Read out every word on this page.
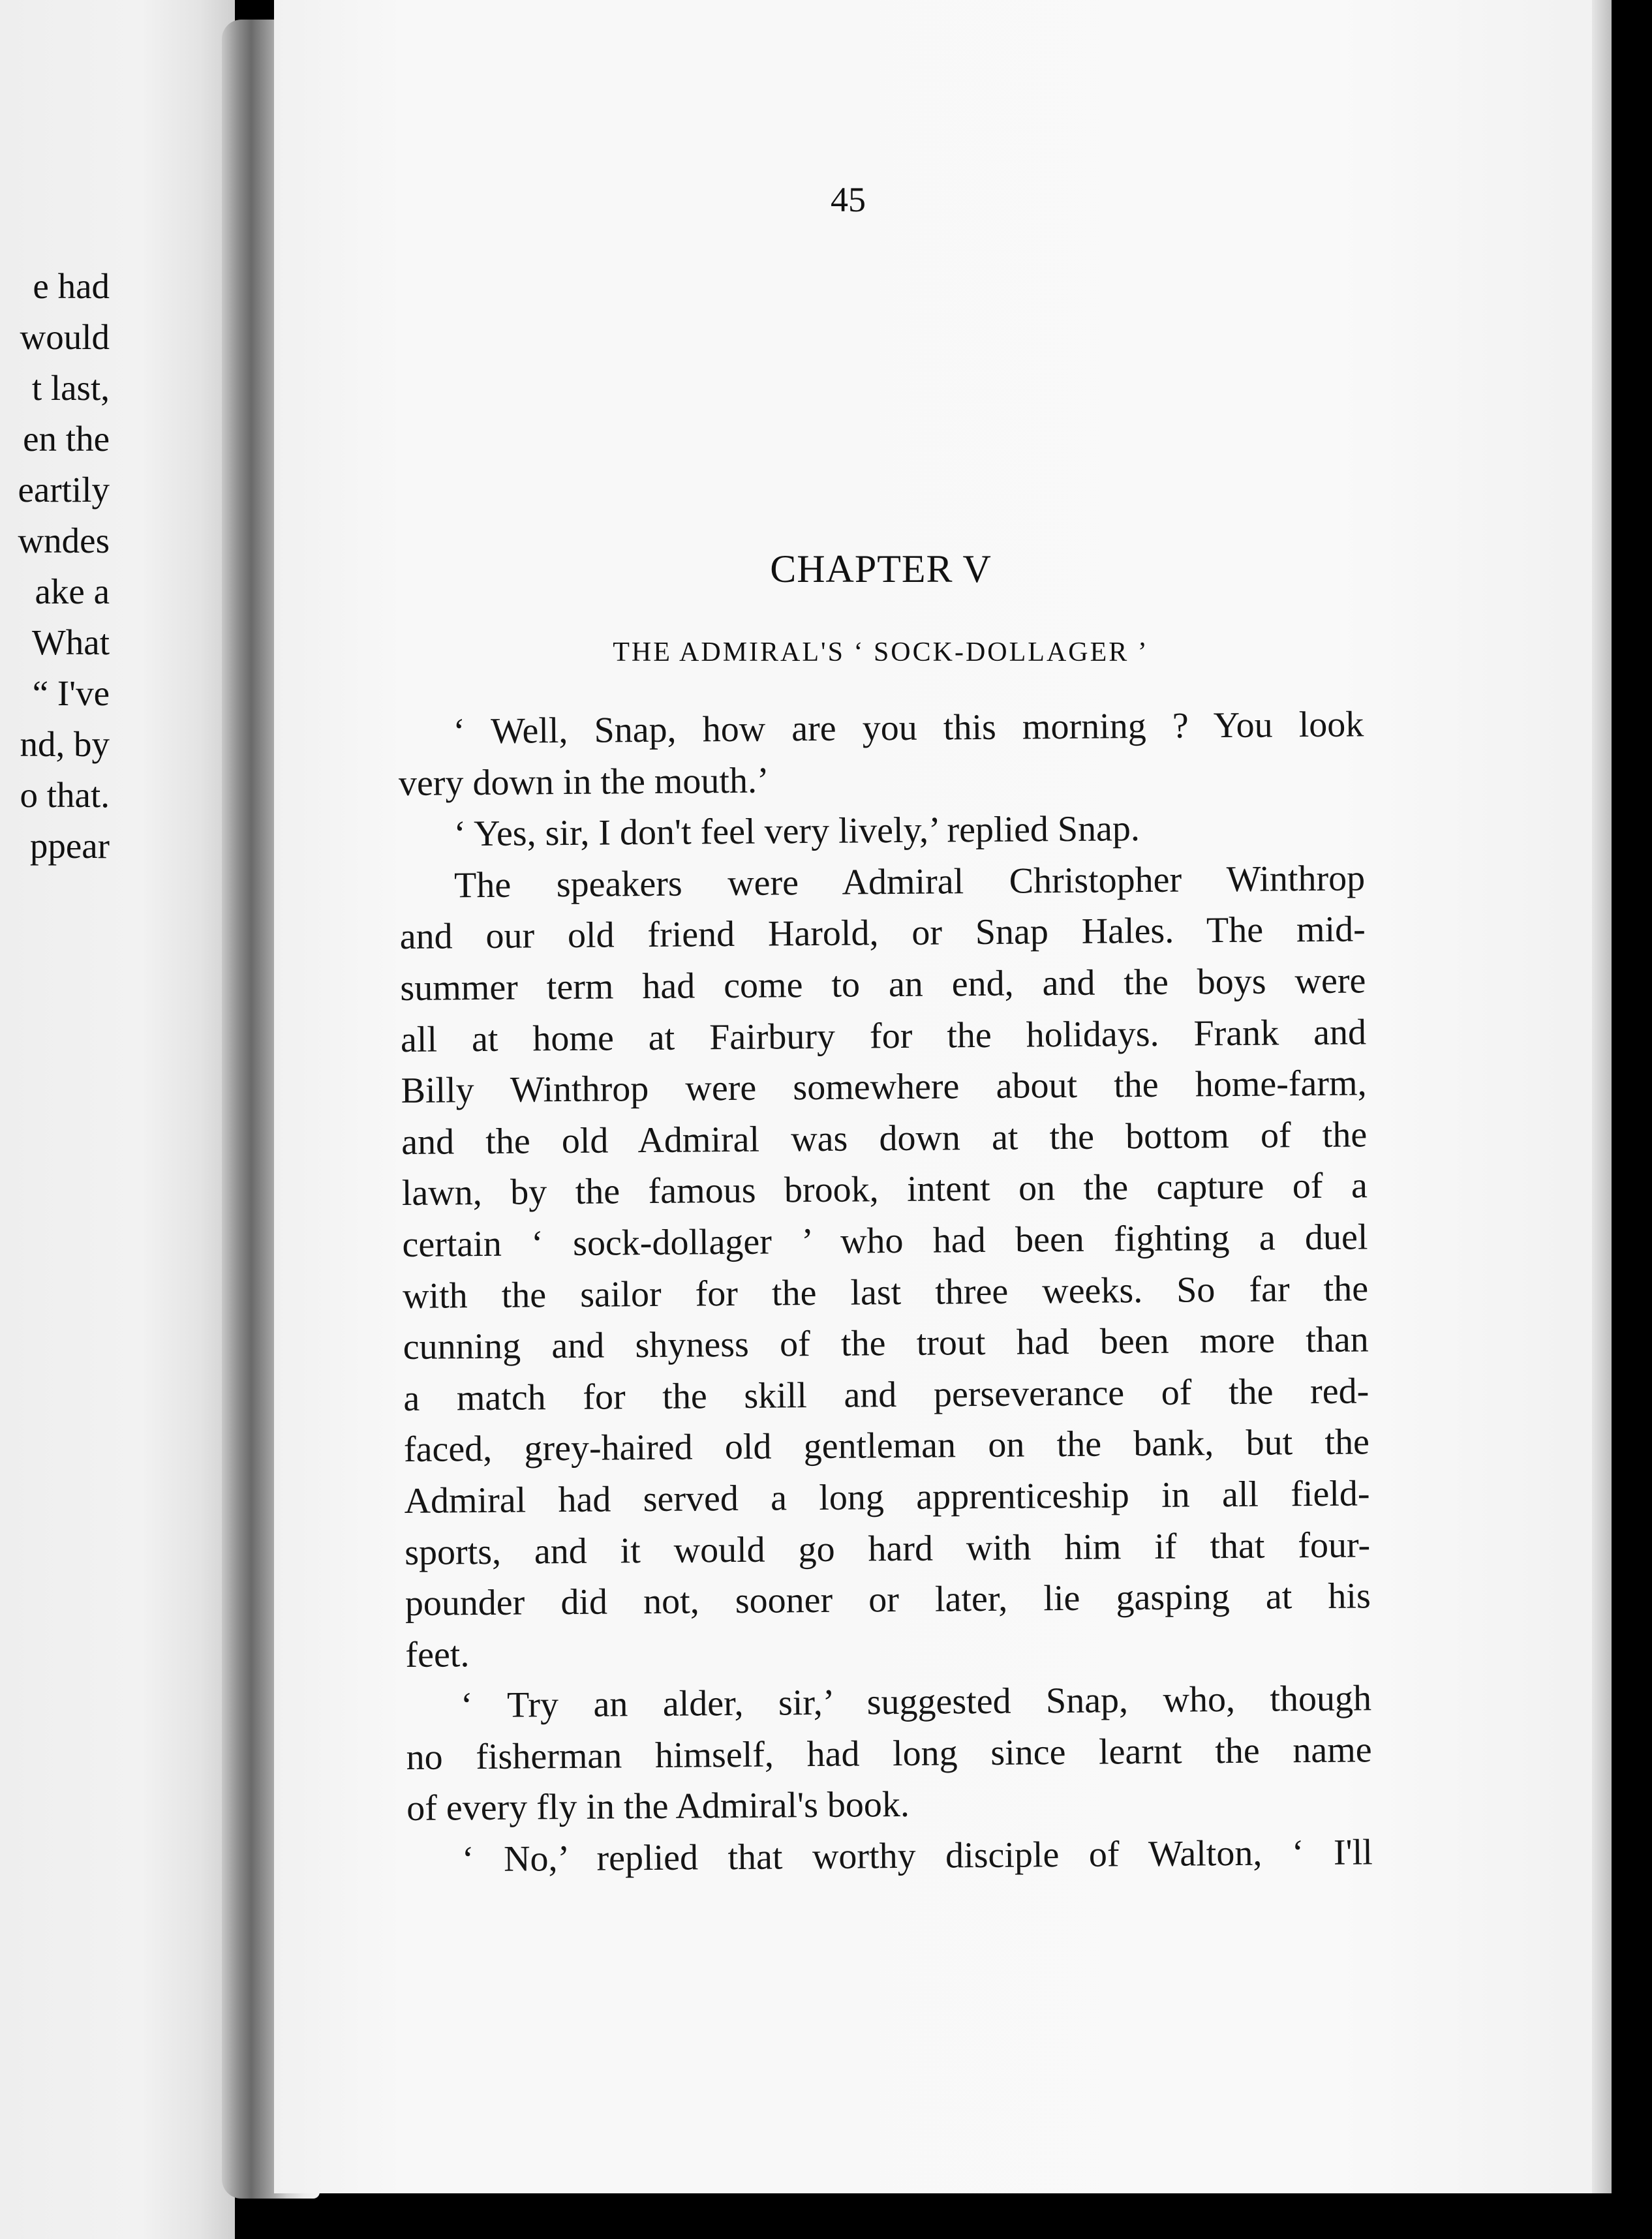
e had
would
t last,
en the
eartily
wndes
ake a
What
“ I've
nd, by
o that.
ppear
45
CHAPTER V
THE ADMIRAL'S ‘ SOCK-DOLLAGER ’
‘ Well, Snap, how are you this morning ? You look
very down in the mouth.’
‘ Yes, sir, I don't feel very lively,’ replied Snap.
The speakers were Admiral Christopher Winthrop
and our old friend Harold, or Snap Hales. The mid-
summer term had come to an end, and the boys were
all at home at Fairbury for the holidays. Frank and
Billy Winthrop were somewhere about the home-farm,
and the old Admiral was down at the bottom of the
lawn, by the famous brook, intent on the capture of a
certain ‘ sock-dollager ’ who had been fighting a duel
with the sailor for the last three weeks. So far the
cunning and shyness of the trout had been more than
a match for the skill and perseverance of the red-
faced, grey-haired old gentleman on the bank, but the
Admiral had served a long apprenticeship in all field-
sports, and it would go hard with him if that four-
pounder did not, sooner or later, lie gasping at his
feet.
‘ Try an alder, sir,’ suggested Snap, who, though
no fisherman himself, had long since learnt the name
of every fly in the Admiral's book.
‘ No,’ replied that worthy disciple of Walton, ‘ I'll
